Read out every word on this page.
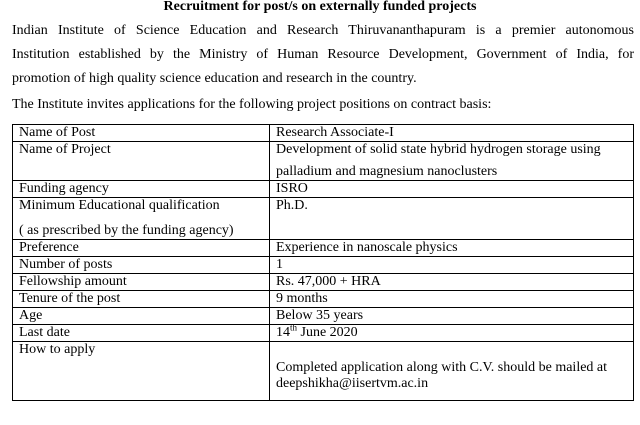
Recruitment for post/s on externally funded projects
Indian Institute of Science Education and Research Thiruvananthapuram is a premier autonomous
Institution established by the Ministry of Human Resource Development, Government of India, for
promotion of high quality science education and research in the country.
The Institute invites applications for the following project positions on contract basis:
Name of Post	Research Associate-I
Name of Project	Development of solid state hybrid hydrogen storage using
palladium and magnesium nanoclusters

Funding agency	ISRO

Minimum Educational qualification
( as prescribed by the funding agency)	Ph.D.
Preference	Experience in nanoscale physics
Number of posts	1
Fellowship amount	Rs. 47,000 + HRA
Tenure of the post	9 months
Age	Below 35 years
Last date	14th June 2020
How to apply	Completed application along with C.V. should be mailed at
deepshikha@iisertvm.ac.in
